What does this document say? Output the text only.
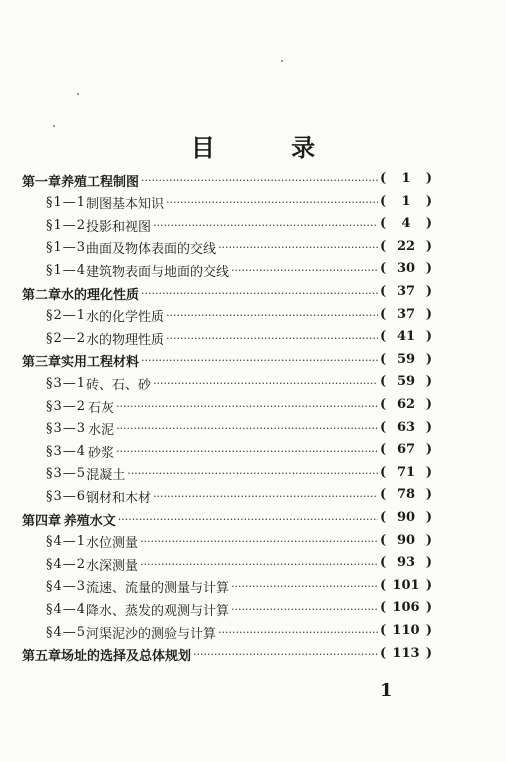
目 录
第一章 养殖工程制图 ·····	(	1	)
§1—1 制图基本知识 ·····	(	1	)
§1—2 投影和视图 ·····	(	4	)
§1—3 曲面及物体表面的交线 ·····	( 22 )
§1—4 建筑物表面与地面的交线 ·····	( 30 )
第二章 水的理化性质 ·····	( 37 )
§2—1 水的化学性质 ·····	( 37 )
§2—2 水的物理性质 ·····	( 41 )
第三章 实用工程材料 ·····	( 59 )
§3—1 砖、石、砂 ·····	( 59 )
§3—2 石灰 ·····	( 62 )
§3—3 水泥 ·····	( 63 )
§3—4 砂浆 ·····	( 67 )
§3—5 混凝土 ·····	( 71 )
§3—6 钢材和木材 ·····	( 78 )
第四章 养殖水文 ·····	( 90 )
§4—1 水位测量 ·····	( 90 )
§4—2 水深测量 ·····	( 93 )
§4—3 流速、流量的测量与计算 ·····	( 101 )
§4—4 降水、蒸发的观测与计算 ·····	( 106 )
§4—5 河渠泥沙的测验与计算 ·····	( 110 )
第五章 场址的选择及总体规划 ·····	( 113 )
1
